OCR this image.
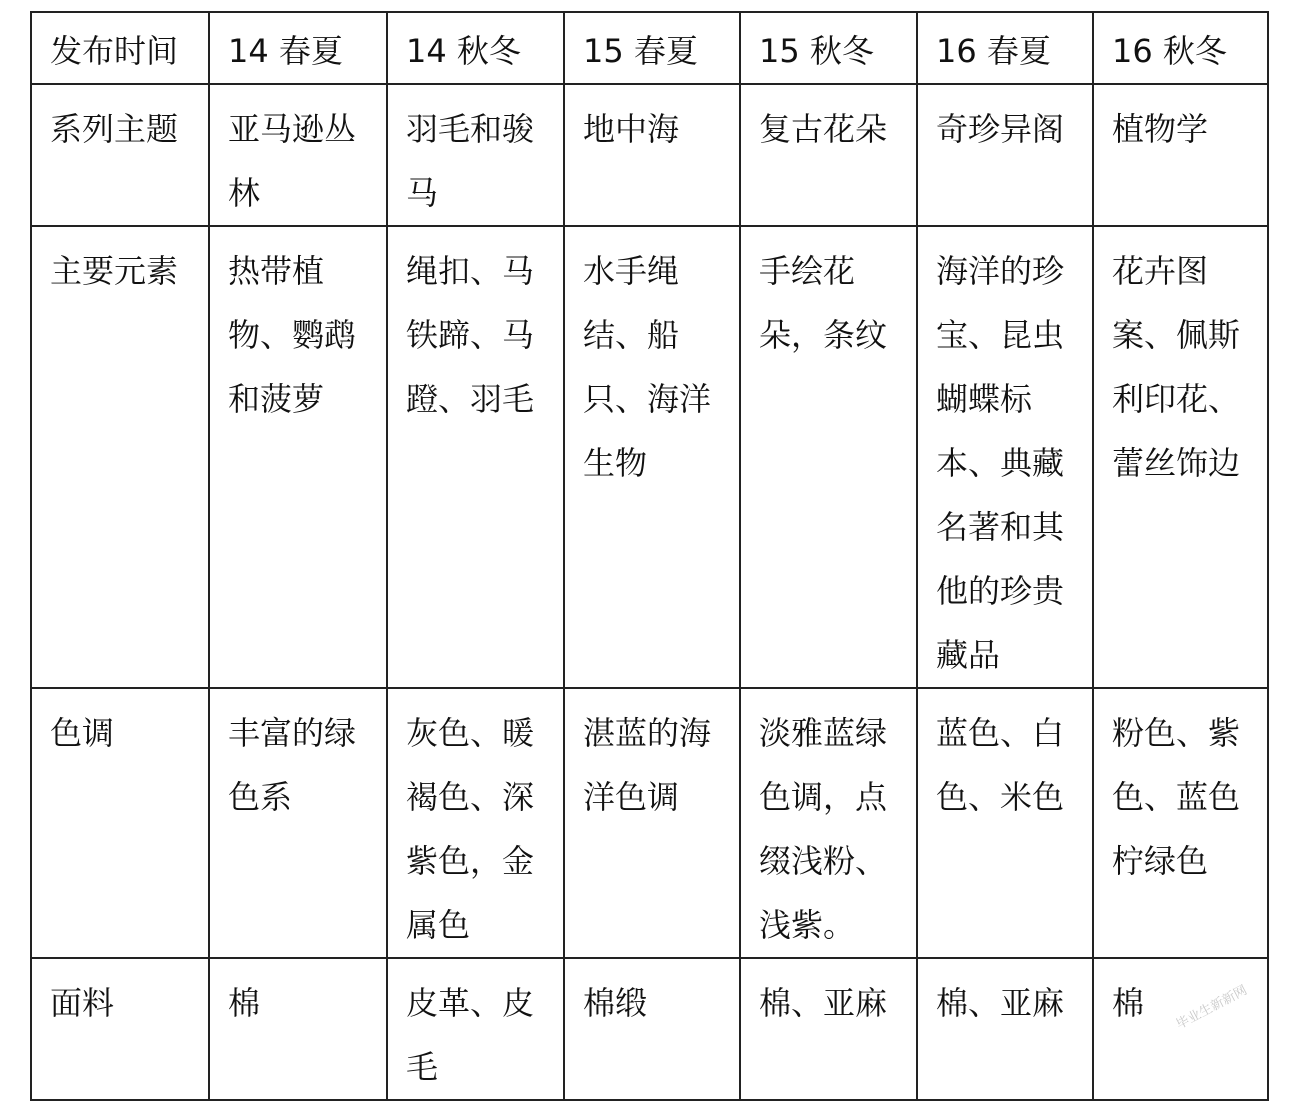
发布时间	14 春夏	14 秋冬	15 春夏	15 秋冬	16 春夏	16 秋冬
系列主题	亚马逊丛林	羽毛和骏马	地中海	复古花朵	奇珍异阁	植物学
主要元素	热带植物、鹦鹉和菠萝	绳扣、马铁蹄、马蹬、羽毛	水手绳结、船只、海洋生物	手绘花朵，条纹	海洋的珍宝、昆虫蝴蝶标本、典藏名著和其他的珍贵藏品	花卉图案、佩斯利印花、蕾丝饰边
色调	丰富的绿色系	灰色、暖褐色、深紫色，金属色	湛蓝的海洋色调	淡雅蓝绿色调，点缀浅粉、浅紫。	蓝色、白色、米色	粉色、紫色、蓝色柠绿色
面料	棉	皮革、皮毛	棉缎	棉、亚麻	棉、亚麻	棉 毕业生新新网
